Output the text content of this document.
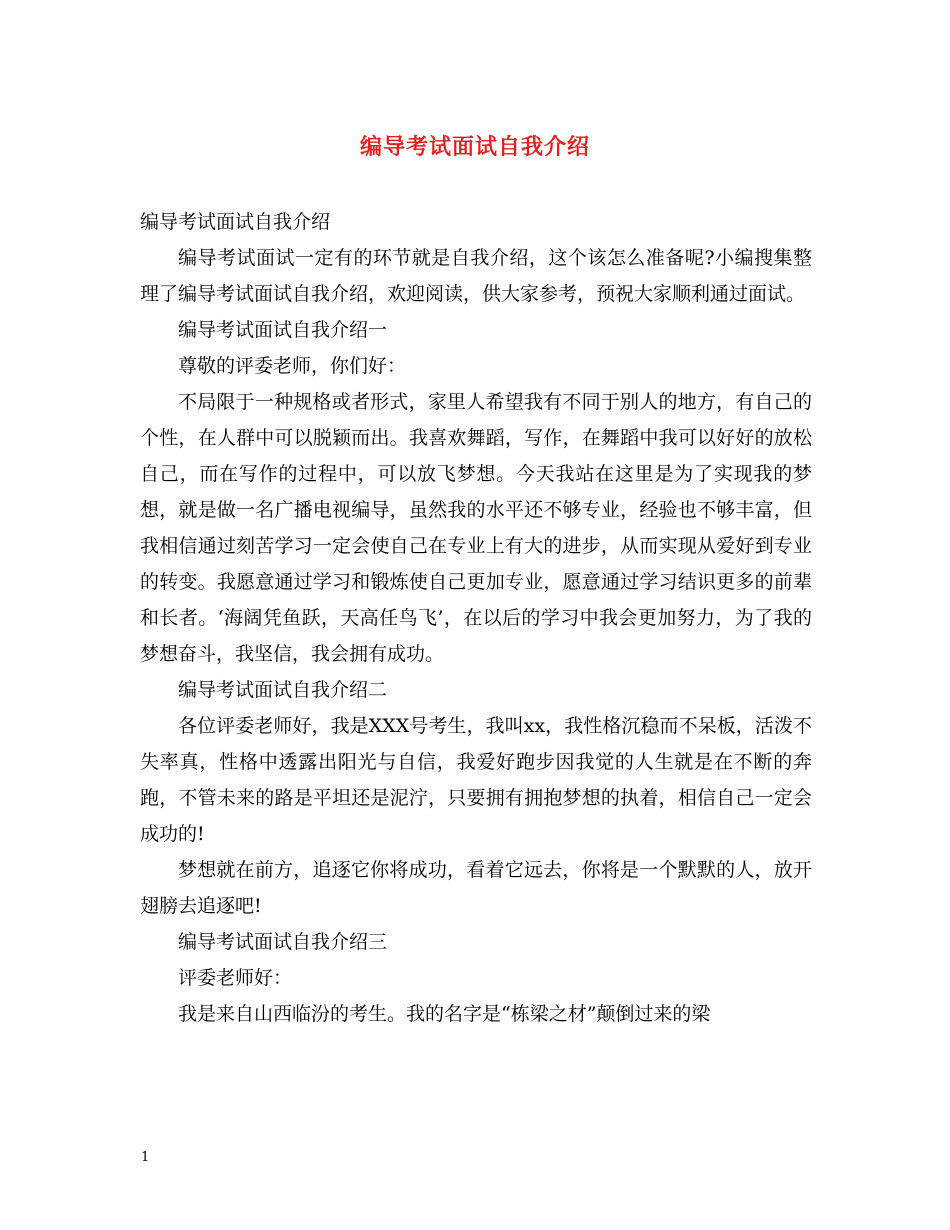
编导考试面试自我介绍

编导考试面试自我介绍

编导考试面试一定有的环节就是自我介绍，这个该怎么准备呢?小编搜集整理了编导考试面试自我介绍，欢迎阅读，供大家参考，预祝大家顺利通过面试。

编导考试面试自我介绍一

尊敬的评委老师，你们好：

不局限于一种规格或者形式，家里人希望我有不同于别人的地方，有自己的个性，在人群中可以脱颖而出。我喜欢舞蹈，写作，在舞蹈中我可以好好的放松自己，而在写作的过程中，可以放飞梦想。今天我站在这里是为了实现我的梦想，就是做一名广播电视编导，虽然我的水平还不够专业，经验也不够丰富，但我相信通过刻苦学习一定会使自己在专业上有大的进步，从而实现从爱好到专业的转变。我愿意通过学习和锻炼使自己更加专业，愿意通过学习结识更多的前辈和长者。‘海阔凭鱼跃，天高任鸟飞’，在以后的学习中我会更加努力，为了我的梦想奋斗，我坚信，我会拥有成功。

编导考试面试自我介绍二

各位评委老师好，我是XXX号考生，我叫xx，我性格沉稳而不呆板，活泼不失率真，性格中透露出阳光与自信，我爱好跑步因我觉的人生就是在不断的奔跑，不管未来的路是平坦还是泥泞，只要拥有拥抱梦想的执着，相信自己一定会成功的!

梦想就在前方，追逐它你将成功，看着它远去，你将是一个默默的人，放开翅膀去追逐吧!

编导考试面试自我介绍三

评委老师好：

我是来自山西临汾的考生。我的名字是“栋梁之材”颠倒过来的梁

1
